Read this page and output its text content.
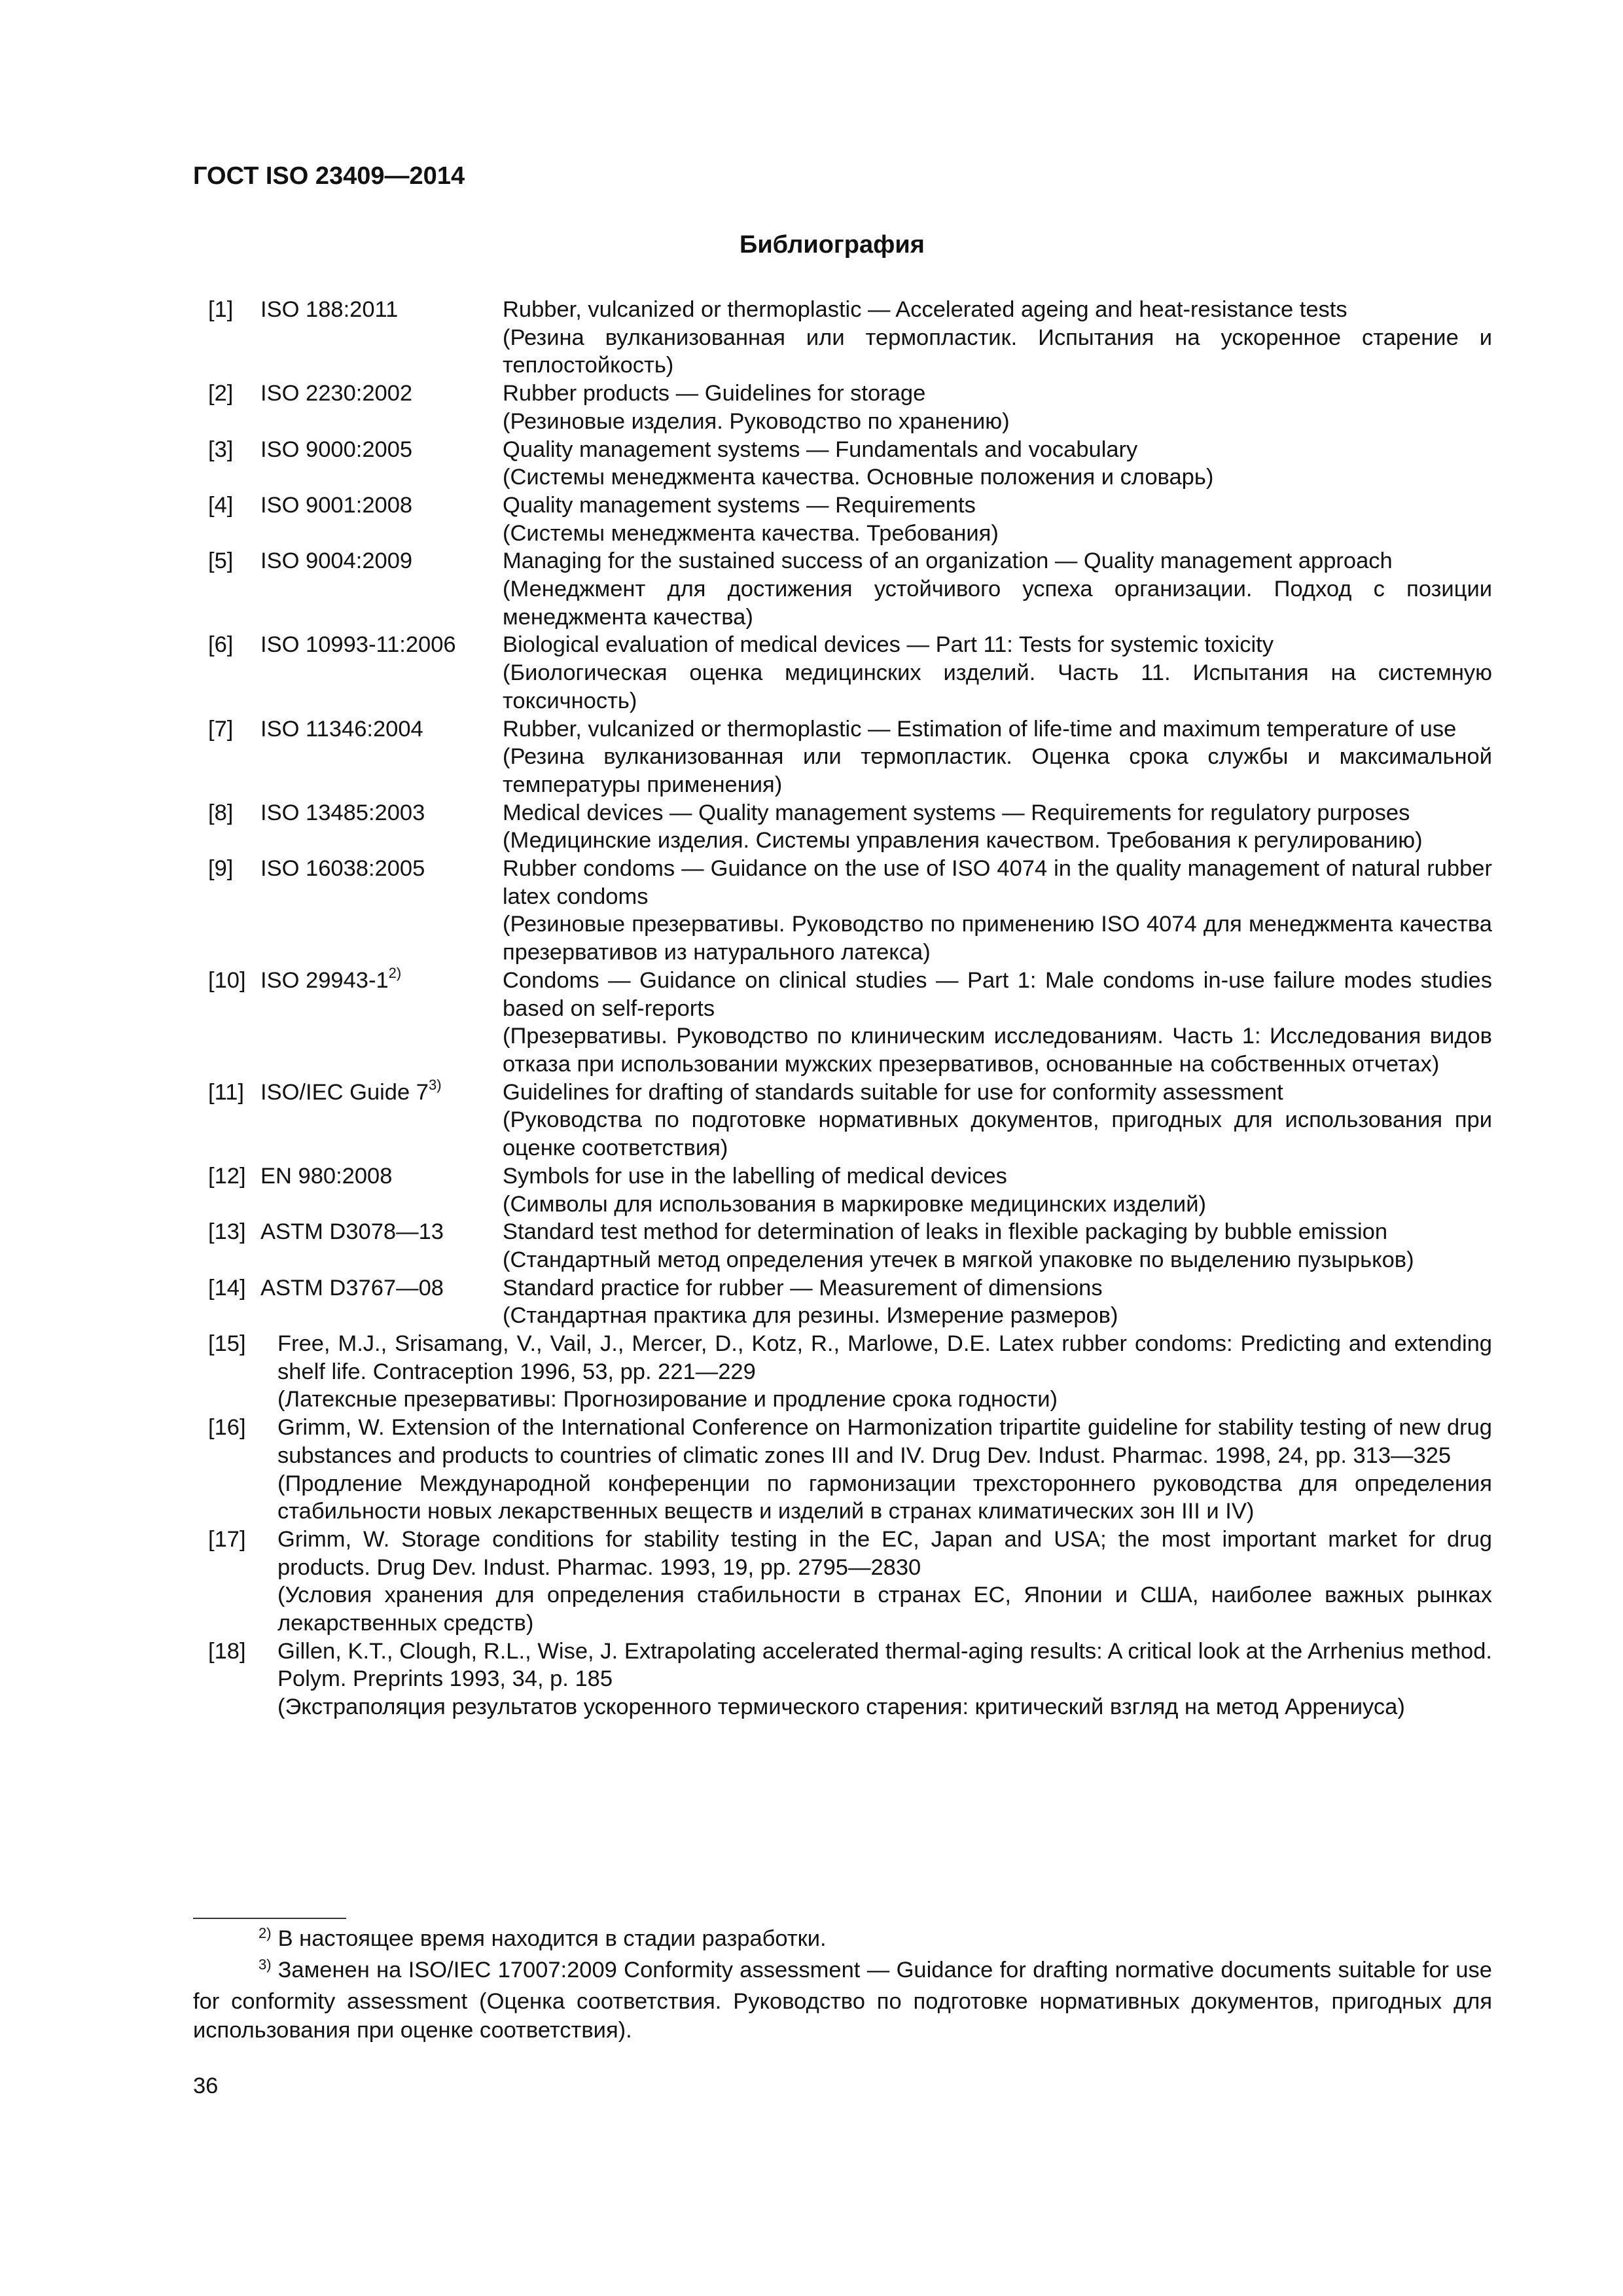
ГОСТ ISO 23409—2014
Библиография
[1] ISO 188:2011	Rubber, vulcanized or thermoplastic — Accelerated ageing and heat-resistance tests

(Резина вулканизованная или термопластик. Испытания на ускоренное старение и теплостойкость)

[2] ISO 2230:2002	Rubber products — Guidelines for storage

(Резиновые изделия. Руководство по хранению)

[3] ISO 9000:2005	Quality management systems — Fundamentals and vocabulary

(Системы менеджмента качества. Основные положения и словарь)

[4] ISO 9001:2008	Quality management systems — Requirements

(Системы менеджмента качества. Требования)

[5] ISO 9004:2009	Managing for the sustained success of an organization — Quality management approach

(Менеджмент для достижения устойчивого успеха организации. Подход с позиции менеджмента качества)

[6] ISO 10993-11:2006 Biological evaluation of medical devices — Part 11: Tests for systemic toxicity

(Биологическая оценка медицинских изделий. Часть 11. Испытания на системную токсичность)

[7] ISO 11346:2004	Rubber, vulcanized or thermoplastic — Estimation of life-time and maximum temperature of use

(Резина вулканизованная или термопластик. Оценка срока службы и максимальной температуры применения)

[8] ISO 13485:2003	Medical devices — Quality management systems — Requirements for regulatory purposes

(Медицинские изделия. Системы управления качеством. Требования к регулированию)

[9] ISO 16038:2005	Rubber condoms — Guidance on the use of ISO 4074 in the quality management of natural rubber latex condoms

(Резиновые презервативы. Руководство по применению ISO 4074 для менеджмента качества презервативов из натурального латекса)

[10] ISO 29943-1$^{2)}$	Condoms — Guidance on clinical studies — Part 1: Male condoms in-use failure modes studies based on self-reports

(Презервативы. Руководство по клиническим исследованиям. Часть 1: Исследования видов отказа при использовании мужских презервативов, основанные на собственных отчетах)

[11] ISO/IEC Guide 7$^{3)}$	Guidelines for drafting of standards suitable for use for conformity assessment

(Руководства по подготовке нормативных документов, пригодных для использования при оценке соответствия)

[12] EN 980:2008	Symbols for use in the labelling of medical devices

(Символы для использования в маркировке медицинских изделий)

[13] ASTM D3078—13	Standard test method for determination of leaks in flexible packaging by bubble emission

(Стандартный метод определения утечек в мягкой упаковке по выделению пузырьков)

[14] ASTM D3767—08	Standard practice for rubber — Measurement of dimensions

(Стандартная практика для резины. Измерение размеров)

[15] Free, M.J., Srisamang, V., Vail, J., Mercer, D., Kotz, R., Marlowe, D.E. Latex rubber condoms: Predicting and extending shelf life. Contraception 1996, 53, pp. 221—229

(Латексные презервативы: Прогнозирование и продление срока годности)

[16] Grimm, W. Extension of the International Conference on Harmonization tripartite guideline for stability testing of new drug substances and products to countries of climatic zones III and IV. Drug Dev. Indust. Pharmac. 1998, 24, pp. 313—325

(Продление Международной конференции по гармонизации трехстороннего руководства для определения стабильности новых лекарственных веществ и изделий в странах климатических зон III и IV)

[17] Grimm, W. Storage conditions for stability testing in the EC, Japan and USA; the most important market for drug products. Drug Dev. Indust. Pharmac. 1993, 19, pp. 2795—2830

(Условия хранения для определения стабильности в странах ЕС, Японии и США, наиболее важных рынках лекарственных средств)

[18] Gillen, K.T., Clough, R.L., Wise, J. Extrapolating accelerated thermal-aging results: A critical look at the Arrhenius method. Polym. Preprints 1993, 34, p. 185

(Экстраполяция результатов ускоренного термического старения: критический взгляд на метод Аррениуса)

$^{2)}$ В настоящее время находится в стадии разработки.

$^{3)}$ Заменен на ISO/IEC 17007:2009 Conformity assessment — Guidance for drafting normative documents suitable for use for conformity assessment (Оценка соответствия. Руководство по подготовке нормативных документов, пригодных для использования при оценке соответствия).

36
